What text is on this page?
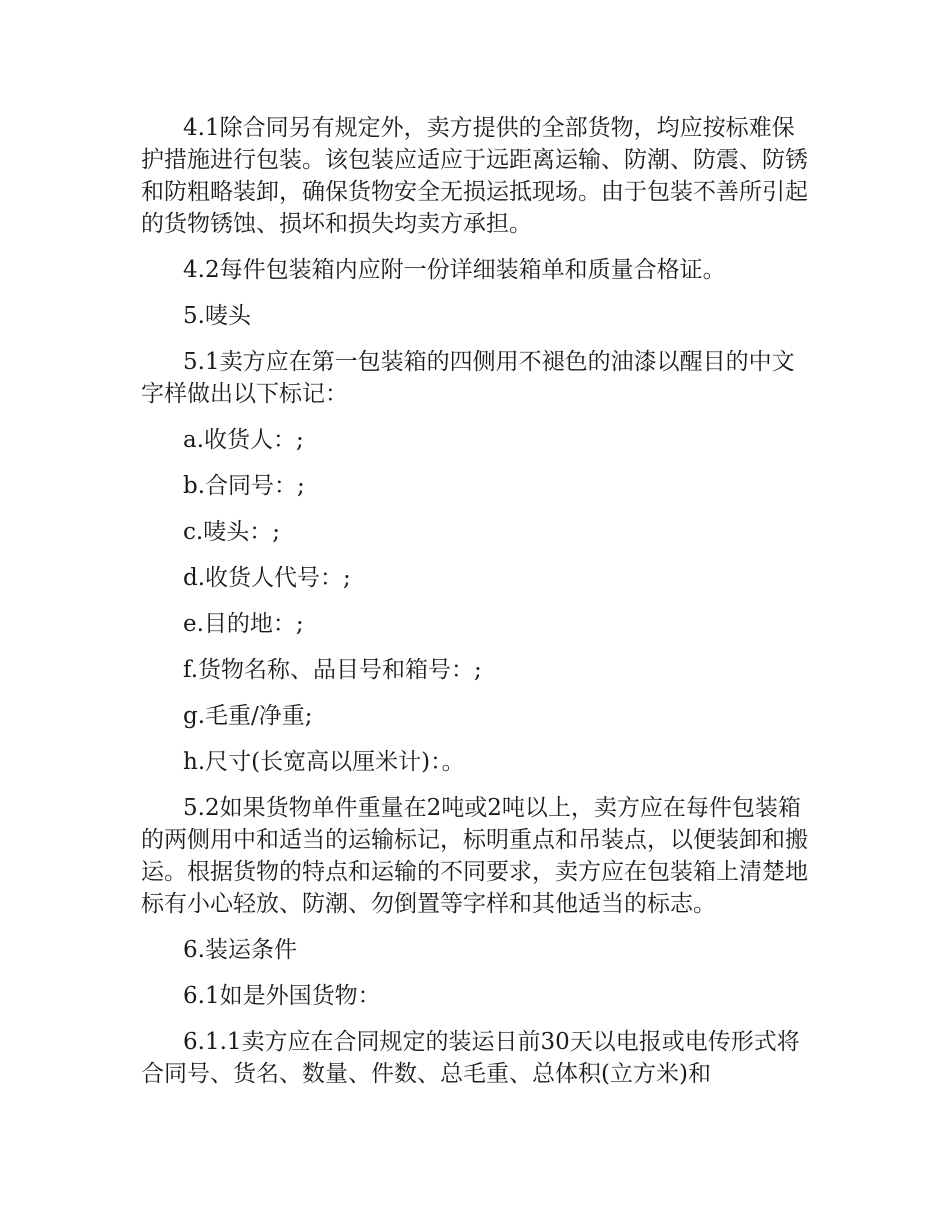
4.1除合同另有规定外，卖方提供的全部货物，均应按标难保护措施进行包装。该包装应适应于远距离运输、防潮、防震、防锈和防粗略装卸，确保货物安全无损运抵现场。由于包装不善所引起的货物锈蚀、损坏和损失均卖方承担。

4.2每件包装箱内应附一份详细装箱单和质量合格证。

5.唛头

5.1卖方应在第一包装箱的四侧用不褪色的油漆以醒目的中文字样做出以下标记：

a.收货人：;

b.合同号：;

c.唛头：;

d.收货人代号：;

e.目的地：;

f.货物名称、品目号和箱号：;

g.毛重/净重;

h.尺寸(长宽高以厘米计)：。

5.2如果货物单件重量在2吨或2吨以上，卖方应在每件包装箱的两侧用中和适当的运输标记，标明重点和吊装点，以便装卸和搬运。根据货物的特点和运输的不同要求，卖方应在包装箱上清楚地标有小心轻放、防潮、勿倒置等字样和其他适当的标志。

6.装运条件

6.1如是外国货物：

6.1.1卖方应在合同规定的装运日前30天以电报或电传形式将合同号、货名、数量、件数、总毛重、总体积(立方米)和
